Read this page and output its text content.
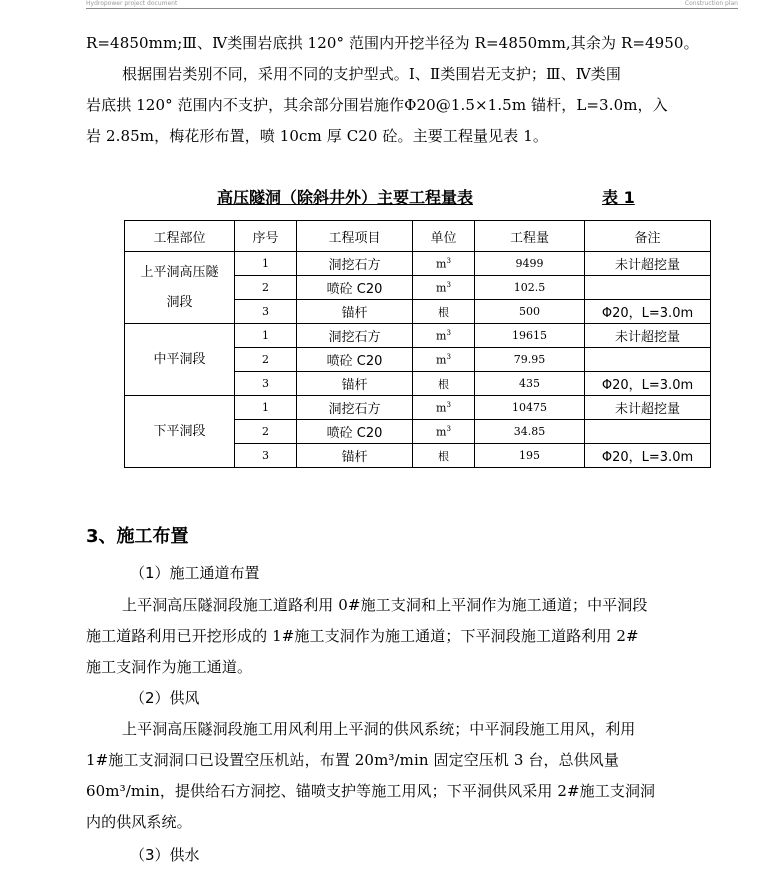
Hydropower project document	Construction plan
R=4850mm;Ⅲ、Ⅳ类围岩底拱 120° 范围内开挖半径为 R=4850mm,其余为 R=4950。
根据围岩类别不同，采用不同的支护型式。Ⅰ、Ⅱ类围岩无支护；Ⅲ、Ⅳ类围
岩底拱 120° 范围内不支护，其余部分围岩施作Φ20@1.5×1.5m 锚杆，L=3.0m，入
岩 2.85m，梅花形布置，喷 10cm 厚 C20 砼。主要工程量见表 1。
高压隧洞（除斜井外）主要工程量表	表 1
工程部位	序号	工程项目	单位	工程量	备注

上平洞高压隧
洞段	1	洞挖石方	$m^3$	9499	未计超挖量
	2	喷砼 C20	$m^3$	102.5	
	3	锚杆	根	500	Φ20，L=3.0m

中平洞段	1	洞挖石方	$m^3$	19615	未计超挖量
	2	喷砼 C20	$m^3$	79.95	
	3	锚杆	根	435	Φ20，L=3.0m

下平洞段	1	洞挖石方	$m^3$	10475	未计超挖量
	2	喷砼 C20	$m^3$	34.85	
	3	锚杆	根	195	Φ20，L=3.0m
3、施工布置
（1）施工通道布置
上平洞高压隧洞段施工道路利用 0#施工支洞和上平洞作为施工通道；中平洞段
施工道路利用已开挖形成的 1#施工支洞作为施工通道；下平洞段施工道路利用 2#
施工支洞作为施工通道。
（2）供风
上平洞高压隧洞段施工用风利用上平洞的供风系统；中平洞段施工用风，利用
1#施工支洞洞口已设置空压机站，布置 20m³/min 固定空压机 3 台，总供风量
60m³/min，提供给石方洞挖、锚喷支护等施工用风；下平洞供风采用 2#施工支洞洞
内的供风系统。
（3）供水
